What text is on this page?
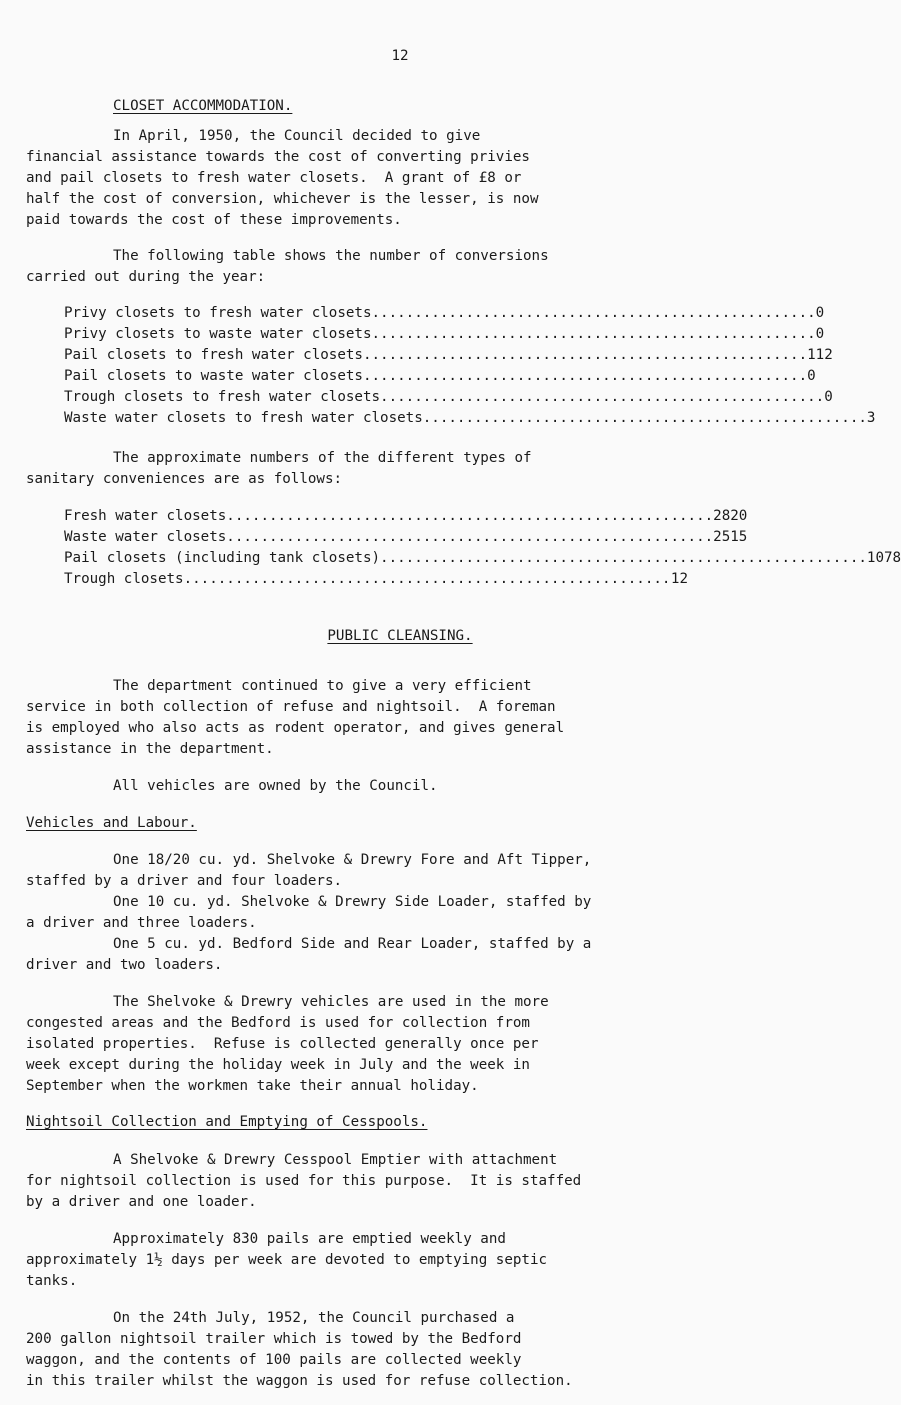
12
CLOSET ACCOMMODATION.
In April, 1950, the Council decided to give
financial assistance towards the cost of converting privies
and pail closets to fresh water closets.  A grant of £8 or
half the cost of conversion, whichever is the lesser, is now
paid towards the cost of these improvements.
The following table shows the number of conversions
carried out during the year:
Privy closets to fresh water closets .................................................... 0
Privy closets to waste water closets .................................................... 0
Pail closets to fresh water closets .................................................... 112
Pail closets to waste water closets .................................................... 0
Trough closets to fresh water closets .................................................... 0
Waste water closets to fresh water closets .................................................... 3
The approximate numbers of the different types of
sanitary conveniences are as follows:
Fresh water closets ......................................................... 2820
Waste water closets ......................................................... 2515
Pail closets (including tank closets) ......................................................... 1078
Trough closets ......................................................... 12
PUBLIC CLEANSING.
The department continued to give a very efficient
service in both collection of refuse and nightsoil.  A foreman
is employed who also acts as rodent operator, and gives general
assistance in the department.
All vehicles are owned by the Council.
Vehicles and Labour.
One 18/20 cu. yd. Shelvoke & Drewry Fore and Aft Tipper,
staffed by a driver and four loaders.
One 10 cu. yd. Shelvoke & Drewry Side Loader, staffed by
a driver and three loaders.
One 5 cu. yd. Bedford Side and Rear Loader, staffed by a
driver and two loaders.
The Shelvoke & Drewry vehicles are used in the more
congested areas and the Bedford is used for collection from
isolated properties.  Refuse is collected generally once per
week except during the holiday week in July and the week in
September when the workmen take their annual holiday.
Nightsoil Collection and Emptying of Cesspools.
A Shelvoke & Drewry Cesspool Emptier with attachment
for nightsoil collection is used for this purpose.  It is staffed
by a driver and one loader.
Approximately 830 pails are emptied weekly and
approximately 1½ days per week are devoted to emptying septic
tanks.
On the 24th July, 1952, the Council purchased a
200 gallon nightsoil trailer which is towed by the Bedford
waggon, and the contents of 100 pails are collected weekly
in this trailer whilst the waggon is used for refuse collection.
